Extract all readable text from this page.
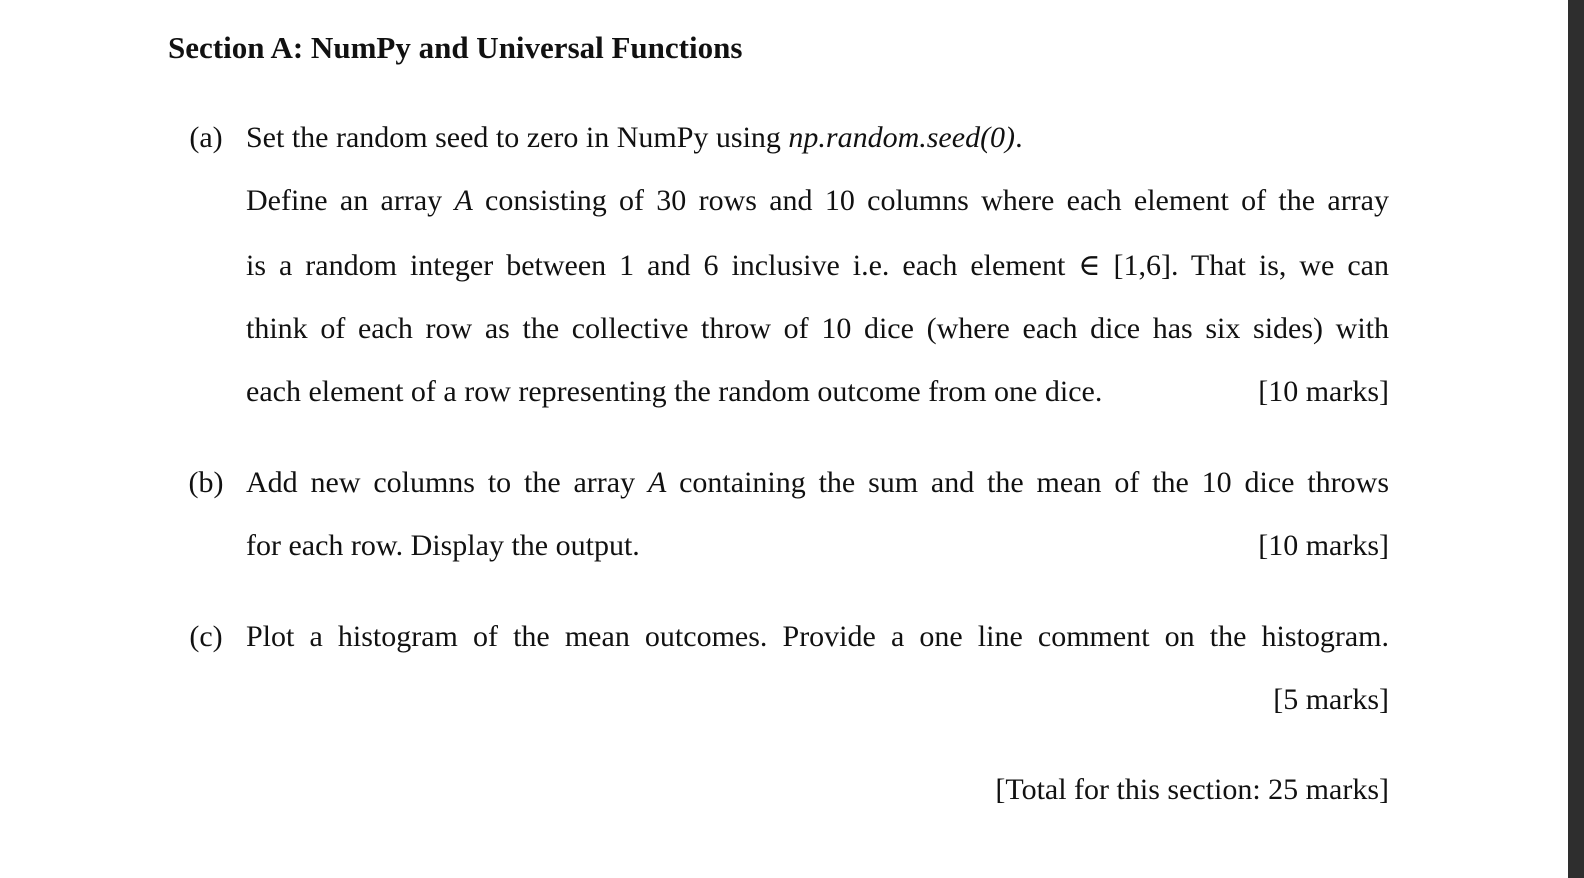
Section A: NumPy and Universal Functions
(a) Set the random seed to zero in NumPy using np.random.seed(0).
Define an array A consisting of 30 rows and 10 columns where each element of the array
is a random integer between 1 and 6 inclusive i.e. each element ∈ [1,6]. That is, we can
think of each row as the collective throw of 10 dice (where each dice has six sides) with
each element of a row representing the random outcome from one dice.	[10 marks]
(b) Add new columns to the array A containing the sum and the mean of the 10 dice throws
for each row. Display the output.	[10 marks]
(c) Plot a histogram of the mean outcomes. Provide a one line comment on the histogram.
[5 marks]
[Total for this section: 25 marks]
